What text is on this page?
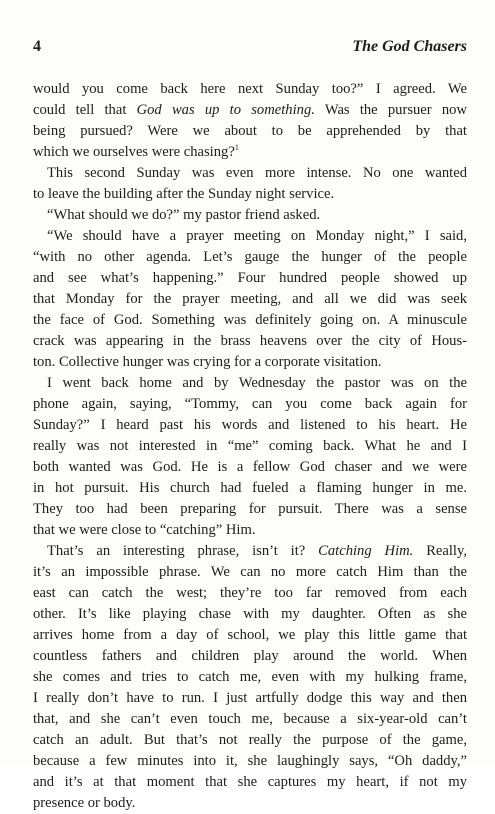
4	The God Chasers
would you come back here next Sunday too?” I agreed. We
could tell that God was up to something. Was the pursuer now
being pursued? Were we about to be apprehended by that
which we ourselves were chasing?$^1$
This second Sunday was even more intense. No one wanted
to leave the building after the Sunday night service.
“What should we do?” my pastor friend asked.
“We should have a prayer meeting on Monday night,” I said,
“with no other agenda. Let’s gauge the hunger of the people
and see what’s happening.” Four hundred people showed up
that Monday for the prayer meeting, and all we did was seek
the face of God. Something was definitely going on. A minuscule
crack was appearing in the brass heavens over the city of Hous-
ton. Collective hunger was crying for a corporate visitation.
I went back home and by Wednesday the pastor was on the
phone again, saying, “Tommy, can you come back again for
Sunday?” I heard past his words and listened to his heart. He
really was not interested in “me” coming back. What he and I
both wanted was God. He is a fellow God chaser and we were
in hot pursuit. His church had fueled a flaming hunger in me.
They too had been preparing for pursuit. There was a sense
that we were close to “catching” Him.
That’s an interesting phrase, isn’t it? Catching Him. Really,
it’s an impossible phrase. We can no more catch Him than the
east can catch the west; they’re too far removed from each
other. It’s like playing chase with my daughter. Often as she
arrives home from a day of school, we play this little game that
countless fathers and children play around the world. When
she comes and tries to catch me, even with my hulking frame,
I really don’t have to run. I just artfully dodge this way and then
that, and she can’t even touch me, because a six-year-old can’t
catch an adult. But that’s not really the purpose of the game,
because a few minutes into it, she laughingly says, “Oh daddy,”
and it’s at that moment that she captures my heart, if not my
presence or body.
